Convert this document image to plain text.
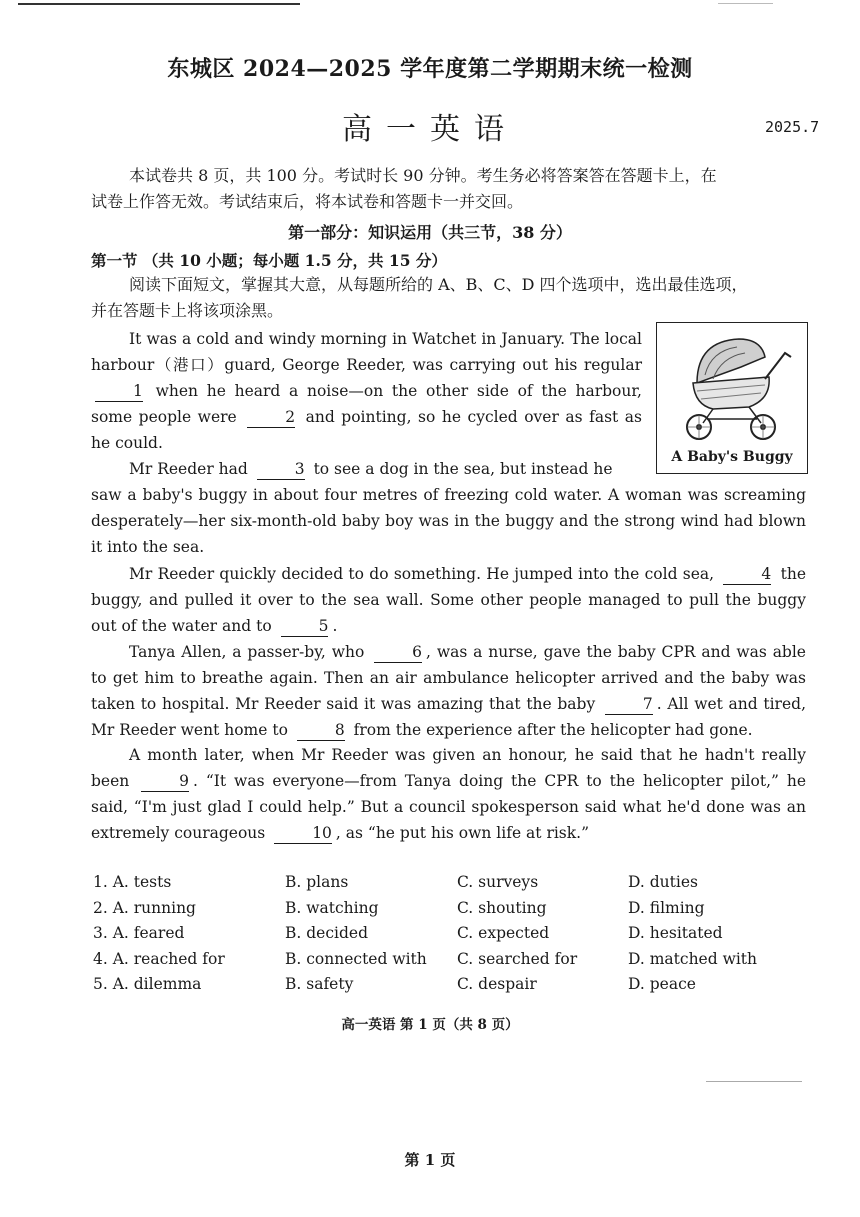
东城区 2024—2025 学年度第二学期期末统一检测
高一英语	2025.7
本试卷共 8 页，共 100 分。考试时长 90 分钟。考生务必将答案答在答题卡上，在

试卷上作答无效。考试结束后，将本试卷和答题卡一并交回。
第一部分：知识运用（共三节，38 分）
第一节 （共 10 小题；每小题 1.5 分，共 15 分）
阅读下面短文，掌握其大意，从每题所给的 A、B、C、D 四个选项中，选出最佳选项，
并在答题卡上将该项涂黑。
A Baby's Buggy

It was a cold and windy morning in Watchet in January. The local harbour（港口）guard, George Reeder, was carrying out his regular 1 when he heard a noise—on the other side of the harbour, some people were	2 and pointing, so he cycled over as fast as he could.

Mr Reeder had	3 to see a dog in the sea, but instead he

saw a baby's buggy in about four metres of freezing cold water. A woman was screaming desperately—her six-month-old baby boy was in the buggy and the strong wind had blown it into the sea.

Mr Reeder quickly decided to do something. He jumped into the cold sea,	4 the buggy, and pulled it over to the sea wall. Some other people managed to pull the buggy out of the water and to	5 .

Tanya Allen, a passer-by, who	6 , was a nurse, gave the baby CPR and was able to get him to breathe again. Then an air ambulance helicopter arrived and the baby was taken to hospital. Mr Reeder said it was amazing that the baby	7 . All wet and tired, Mr Reeder went home to	8 from the experience after the helicopter had gone.

A month later, when Mr Reeder was given an honour, he said that he hadn't really been	9 . “It was everyone—from Tanya doing the CPR to the helicopter pilot,” he said, “I'm just glad I could help.” But a council spokesperson said what he'd done was an extremely courageous	10 , as “he put his own life at risk.”

1. A. tests	B. plans	C. surveys	D. duties
2. A. running	B. watching	C. shouting	D. filming
3. A. feared	B. decided	C. expected	D. hesitated
4. A. reached for	B. connected with C. searched for	D. matched with
5. A. dilemma	B. safety	C. despair	D. peace
高一英语 第 1 页（共 8 页）
第 1 页
